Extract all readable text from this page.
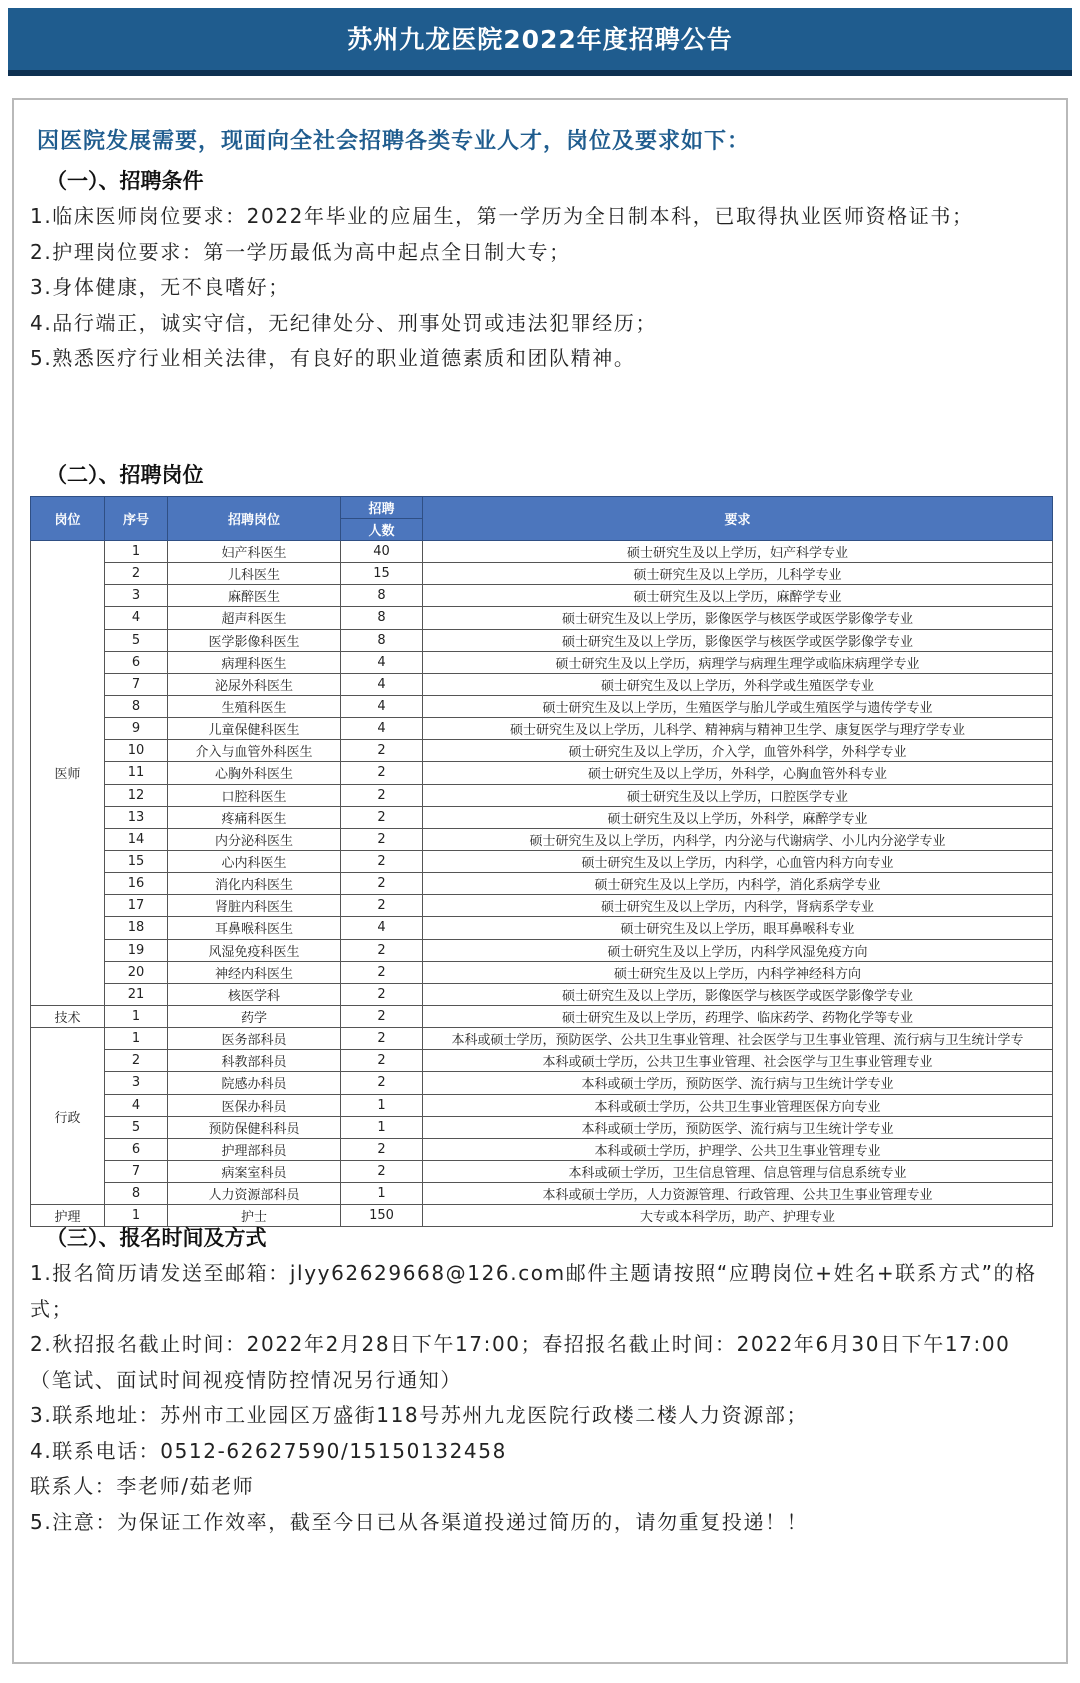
苏州九龙医院2022年度招聘公告
因医院发展需要，现面向全社会招聘各类专业人才，岗位及要求如下：
（一）、招聘条件
1.临床医师岗位要求：2022年毕业的应届生，第一学历为全日制本科，已取得执业医师资格证书；
2.护理岗位要求：第一学历最低为高中起点全日制大专；
3.身体健康，无不良嗜好；
4.品行端正，诚实守信，无纪律处分、刑事处罚或违法犯罪经历；
5.熟悉医疗行业相关法律，有良好的职业道德素质和团队精神。
（二）、招聘岗位
岗位	序号	招聘岗位	招聘	要求
			人数	
医师	1	妇产科医生	40	硕士研究生及以上学历，妇产科学专业
	2	儿科医生	15	硕士研究生及以上学历，儿科学专业
	3	麻醉医生	8	硕士研究生及以上学历，麻醉学专业
	4	超声科医生	8	硕士研究生及以上学历，影像医学与核医学或医学影像学专业
	5	医学影像科医生	8	硕士研究生及以上学历，影像医学与核医学或医学影像学专业
	6	病理科医生	4	硕士研究生及以上学历，病理学与病理生理学或临床病理学专业
	7	泌尿外科医生	4	硕士研究生及以上学历，外科学或生殖医学专业
	8	生殖科医生	4	硕士研究生及以上学历，生殖医学与胎儿学或生殖医学与遗传学专业
	9	儿童保健科医生	4	硕士研究生及以上学历，儿科学、精神病与精神卫生学、康复医学与理疗学专业
	10	介入与血管外科医生	2	硕士研究生及以上学历，介入学，血管外科学，外科学专业
	11	心胸外科医生	2	硕士研究生及以上学历，外科学，心胸血管外科专业
	12	口腔科医生	2	硕士研究生及以上学历，口腔医学专业
	13	疼痛科医生	2	硕士研究生及以上学历，外科学，麻醉学专业
	14	内分泌科医生	2	硕士研究生及以上学历，内科学，内分泌与代谢病学、小儿内分泌学专业
	15	心内科医生	2	硕士研究生及以上学历，内科学，心血管内科方向专业
	16	消化内科医生	2	硕士研究生及以上学历，内科学，消化系病学专业
	17	肾脏内科医生	2	硕士研究生及以上学历，内科学，肾病系学专业
	18	耳鼻喉科医生	4	硕士研究生及以上学历，眼耳鼻喉科专业
	19	风湿免疫科医生	2	硕士研究生及以上学历，内科学风湿免疫方向
	20	神经内科医生	2	硕士研究生及以上学历，内科学神经科方向
	21	核医学科	2	硕士研究生及以上学历，影像医学与核医学或医学影像学专业
技术	1	药学	2	硕士研究生及以上学历，药理学、临床药学、药物化学等专业
行政	1	医务部科员	2	本科或硕士学历，预防医学、公共卫生事业管理、社会医学与卫生事业管理、流行病与卫生统计学专
	2	科教部科员	2	本科或硕士学历，公共卫生事业管理、社会医学与卫生事业管理专业
	3	院感办科员	2	本科或硕士学历，预防医学、流行病与卫生统计学专业
	4	医保办科员	1	本科或硕士学历，公共卫生事业管理医保方向专业
	5	预防保健科科员	1	本科或硕士学历，预防医学、流行病与卫生统计学专业
	6	护理部科员	2	本科或硕士学历，护理学、公共卫生事业管理专业
	7	病案室科员	2	本科或硕士学历，卫生信息管理、信息管理与信息系统专业
	8	人力资源部科员	1	本科或硕士学历，人力资源管理、行政管理、公共卫生事业管理专业
护理	1	护士	150	大专或本科学历，助产、护理专业
（三）、报名时间及方式
1.报名简历请发送至邮箱：jlyy62629668@126.com邮件主题请按照“应聘岗位+姓名+联系方式”的格式；
2.秋招报名截止时间：2022年2月28日下午17:00；春招报名截止时间：2022年6月30日下午17:00（笔试、面试时间视疫情防控情况另行通知）
3.联系地址：苏州市工业园区万盛街118号苏州九龙医院行政楼二楼人力资源部；
4.联系电话：0512-62627590/15150132458
联系人：李老师/茹老师
5.注意：为保证工作效率，截至今日已从各渠道投递过简历的，请勿重复投递！！
